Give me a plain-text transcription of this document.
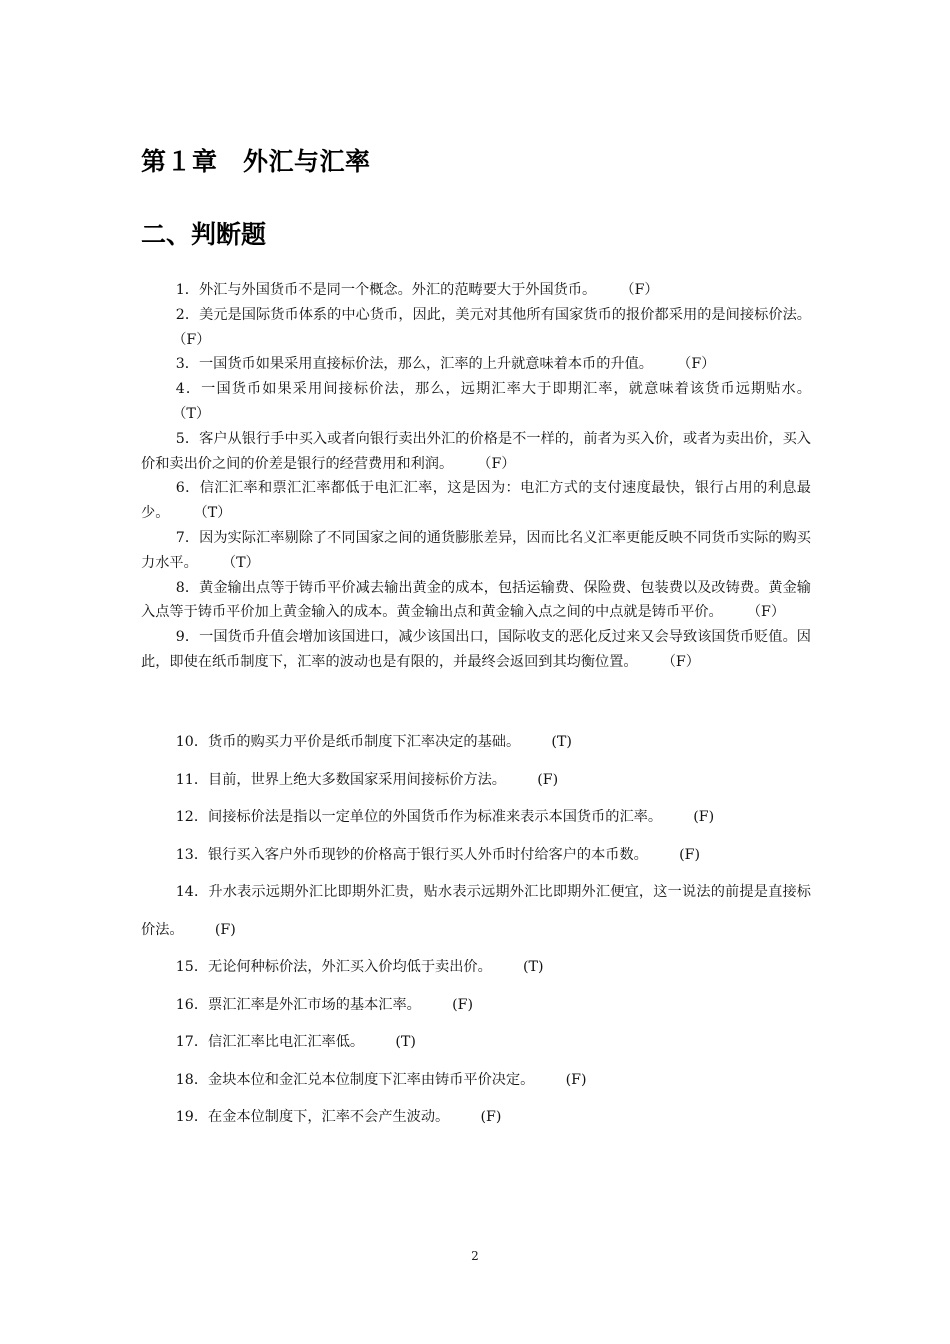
第１章　外汇与汇率
二、判断题

1．外汇与外国货币不是同一个概念。外汇的范畴要大于外国货币。 （F）

2．美元是国际货币体系的中心货币，因此，美元对其他所有国家货币的报价都采用的是间接标价法。（F）

3．一国货币如果采用直接标价法，那么，汇率的上升就意味着本币的升值。 （F）

4．一国货币如果采用间接标价法，那么，远期汇率大于即期汇率，就意味着该货币远期贴水。（T）

5．客户从银行手中买入或者向银行卖出外汇的价格是不一样的，前者为买入价，或者为卖出价，买入价和卖出价之间的价差是银行的经营费用和利润。 （F）

6．信汇汇率和票汇汇率都低于电汇汇率，这是因为：电汇方式的支付速度最快，银行占用的利息最少。 （T）

7．因为实际汇率剔除了不同国家之间的通货膨胀差异，因而比名义汇率更能反映不同货币实际的购买力水平。 （T）

8．黄金输出点等于铸币平价减去输出黄金的成本，包括运输费、保险费、包装费以及改铸费。黄金输入点等于铸币平价加上黄金输入的成本。黄金输出点和黄金输入点之间的中点就是铸币平价。 （F）

9．一国货币升值会增加该国进口，减少该国出口，国际收支的恶化反过来又会导致该国货币贬值。因此，即使在纸币制度下，汇率的波动也是有限的，并最终会返回到其均衡位置。 （F）

10．货币的购买力平价是纸币制度下汇率决定的基础。 (T)

11．目前，世界上绝大多数国家采用间接标价方法。 (F)

12．间接标价法是指以一定单位的外国货币作为标准来表示本国货币的汇率。 (F)

13．银行买入客户外币现钞的价格高于银行买人外币时付给客户的本币数。 (F)

14．升水表示远期外汇比即期外汇贵，贴水表示远期外汇比即期外汇便宜，这一说法的前提是直接标价法。 (F)

15．无论何种标价法，外汇买入价均低于卖出价。 (T)

16．票汇汇率是外汇市场的基本汇率。 (F)

17．信汇汇率比电汇汇率低。 (T)

18．金块本位和金汇兑本位制度下汇率由铸币平价决定。 (F)

19．在金本位制度下，汇率不会产生波动。 (F)

2
